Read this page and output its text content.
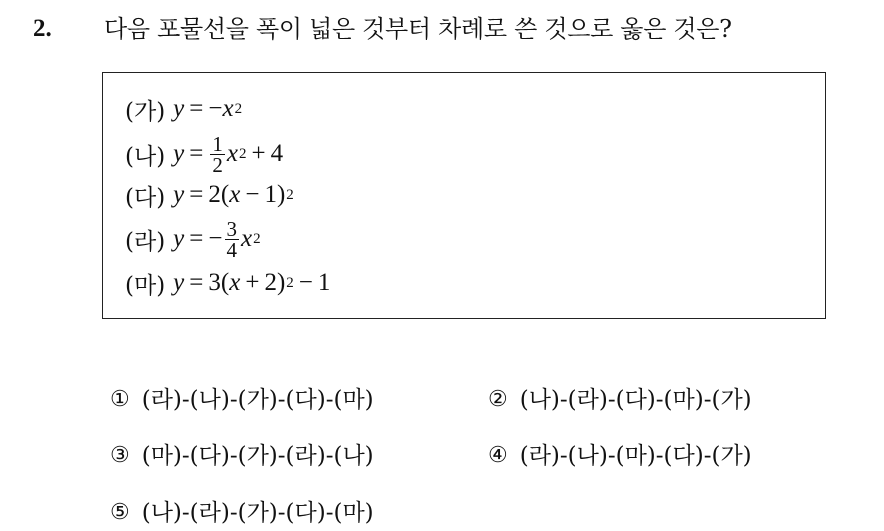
2. 다음 포물선을 폭이 넓은 것부터 차례로 쓴 것으로 옳은 것은?
(가) y = − x 2
(나) $y = \frac{1}{2}$ x 2 + 4
(다) y = 2 ( x − 1 ) 2
(라) y = − $\frac{3}{4}$ x 2
(마) y = 3 ( x + 2 ) 2 − 1
① (라)-(나)-(가)-(다)-(마)	② (나)-(라)-(다)-(마)-(가)
③ (마)-(다)-(가)-(라)-(나)	④ (라)-(나)-(마)-(다)-(가)
⑤ (나)-(라)-(가)-(다)-(마)
